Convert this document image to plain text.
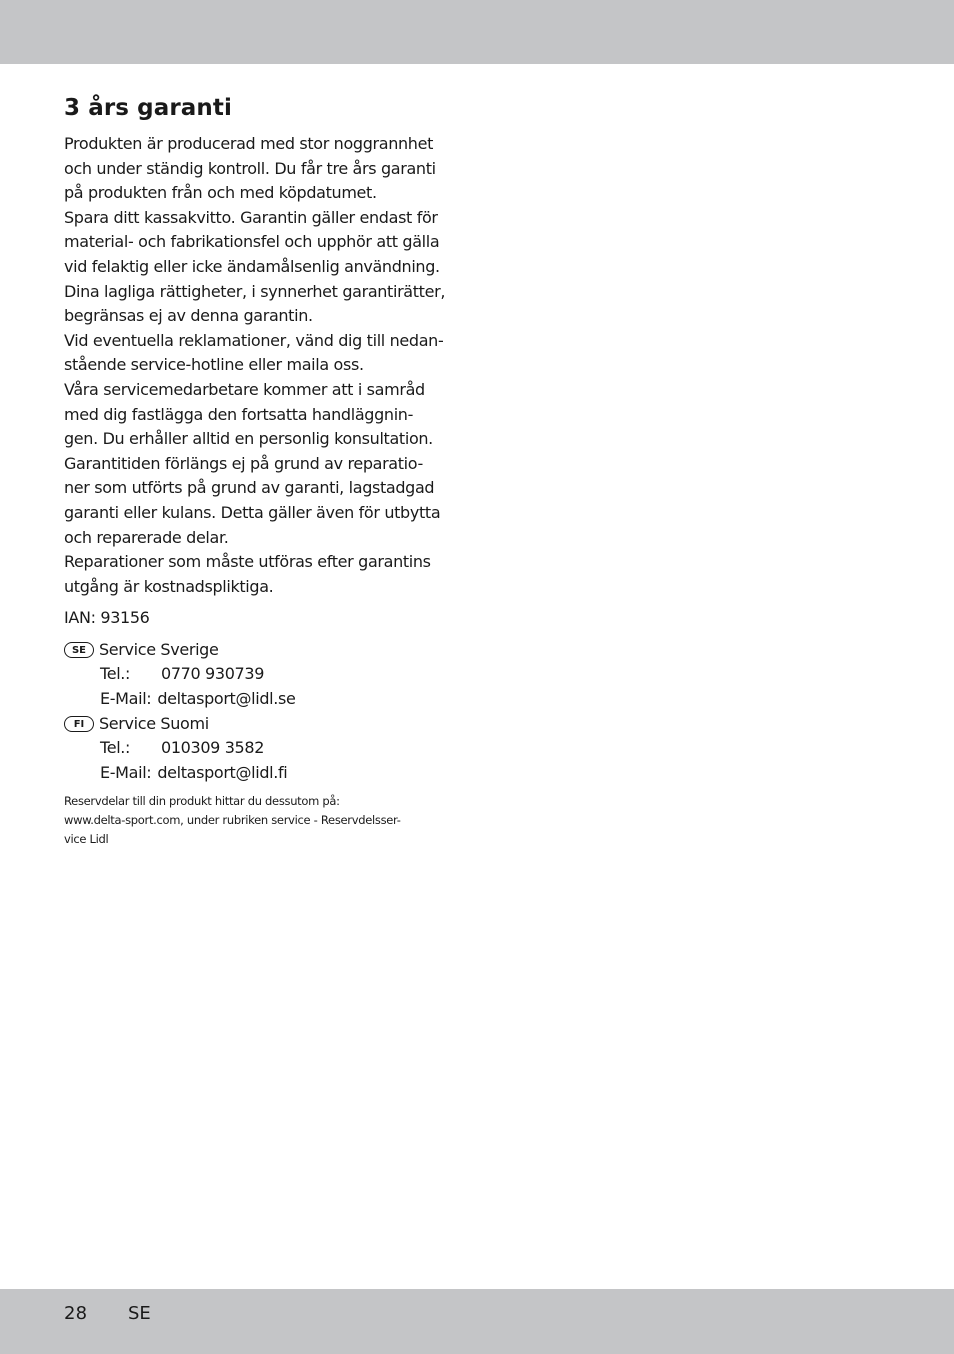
3 års garanti

Produkten är producerad med stor noggrannhet
och under ständig kontroll. Du får tre års garanti
på produkten från och med köpdatumet.
Spara ditt kassakvitto. Garantin gäller endast för
material- och fabrikationsfel och upphör att gälla
vid felaktig eller icke ändamålsenlig användning.
Dina lagliga rättigheter, i synnerhet garantirätter,
begränsas ej av denna garantin.
Vid eventuella reklamationer, vänd dig till nedan-
stående service-hotline eller maila oss.
Våra servicemedarbetare kommer att i samråd
med dig fastlägga den fortsatta handläggnin-
gen. Du erhåller alltid en personlig konsultation.
Garantitiden förlängs ej på grund av reparatio-
ner som utförts på grund av garanti, lagstadgad
garanti eller kulans. Detta gäller även för utbytta
och reparerade delar.
Reparationer som måste utföras efter garantins
utgång är kostnadspliktiga.

IAN: 93156
SE Service Sverige
Tel.:	0770 930739
E-Mail: deltasport@lidl.se
FI Service Suomi
Tel.:	010309 3582
E-Mail: deltasport@lidl.fi
Reservdelar till din produkt hittar du dessutom på:
www.delta-sport.com, under rubriken service - Reservdelsser-
vice Lidl
28 SE
